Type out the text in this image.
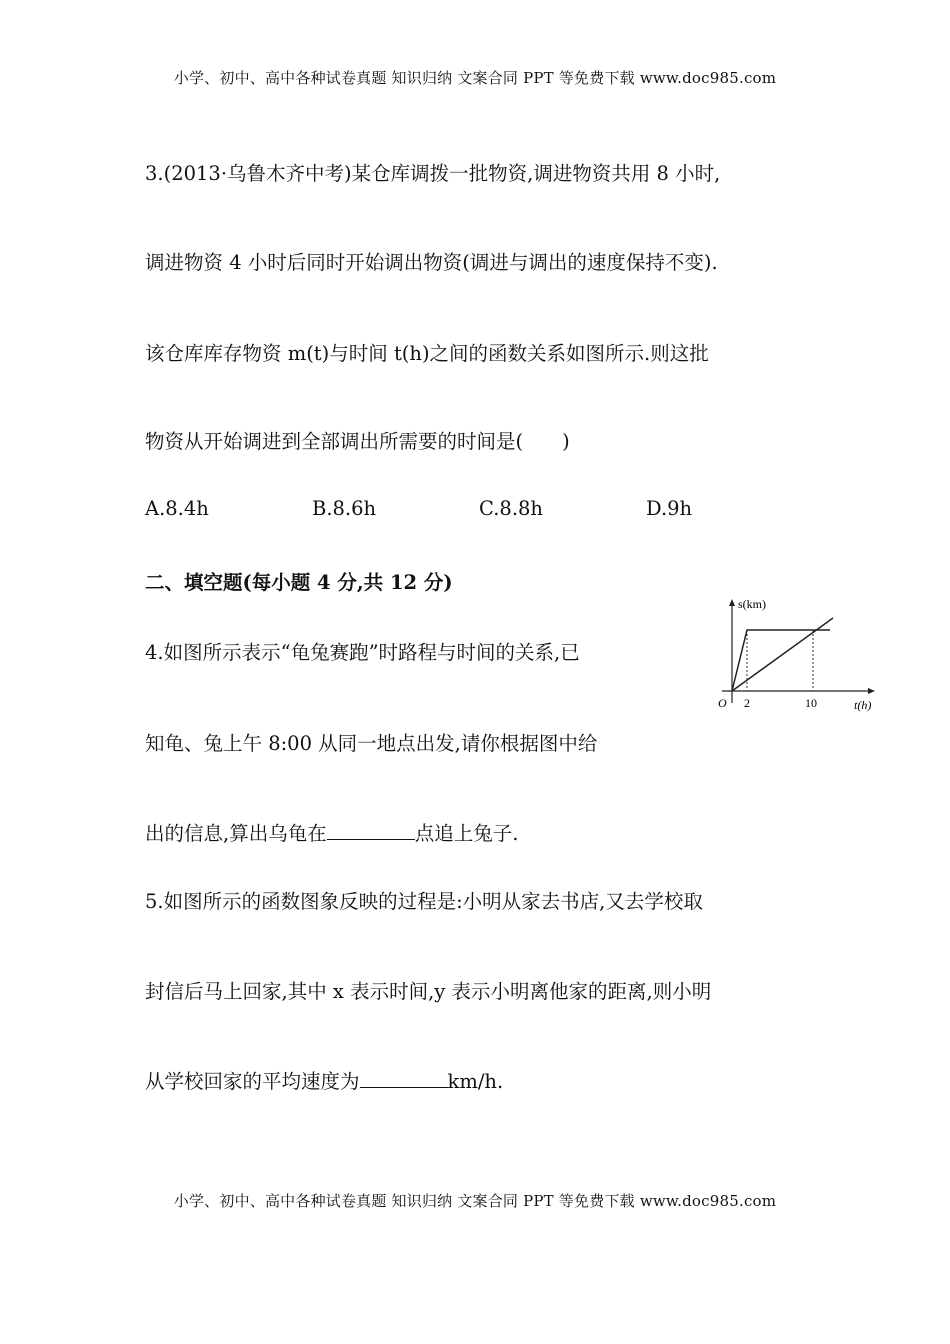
小学、初中、高中各种试卷真题 知识归纳 文案合同 PPT 等免费下载 www.doc985.com
3.(2013·乌鲁木齐中考)某仓库调拨一批物资,调进物资共用 8 小时,
调进物资 4 小时后同时开始调出物资(调进与调出的速度保持不变).
该仓库库存物资 m(t)与时间 t(h)之间的函数关系如图所示.则这批
物资从开始调进到全部调出所需要的时间是(　　)
A.8.4h	B.8.6h	C.8.8h	D.9h
二、填空题(每小题 4 分,共 12 分)
4.如图所示表示“龟兔赛跑”时路程与时间的关系,已
知龟、兔上午 8:00 从同一地点出发,请你根据图中给
出的信息,算出乌龟在	点追上兔子.
5.如图所示的函数图象反映的过程是:小明从家去书店,又去学校取
封信后马上回家,其中 x 表示时间,y 表示小明离他家的距离,则小明
从学校回家的平均速度为	km/h.
s(km)
t(h)
O 2	10
小学、初中、高中各种试卷真题 知识归纳 文案合同 PPT 等免费下载 www.doc985.com
